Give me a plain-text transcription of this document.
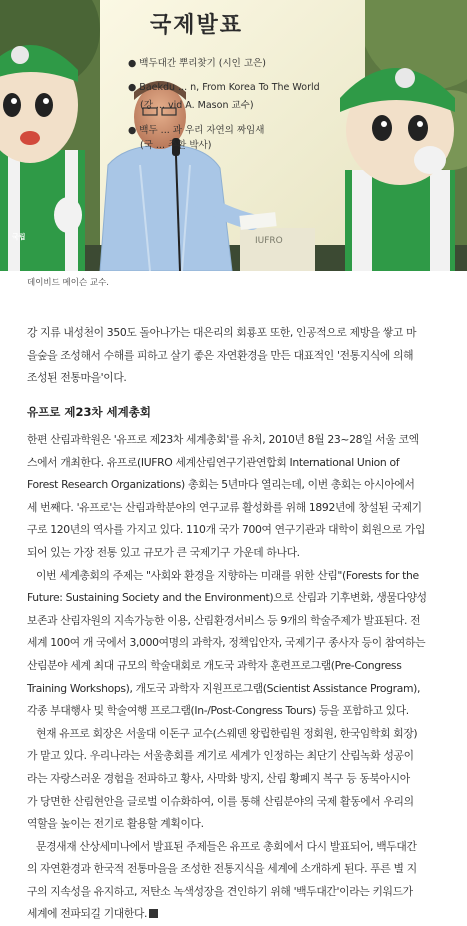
국제발표
● 백두대간 뿌리찾기 (시인 고은)
● Baekdu ... n, From Korea To The World
(강 ... vid A. Mason 교수)
● 백두 ... 과 우리 자연의 짜임새
(국 ... 주환 박사)
IUFRO
국립
데이비드 메이슨 교수.
강 지류 내성천이 350도 돌아나가는 대은리의 회룡포 또한, 인공적으로 제방을 쌓고 마
을숲을 조성해서 수해를 피하고 살기 좋은 자연환경을 만든 대표적인 '전통지식에 의해
조성된 전통마을'이다.
유프로 제23차 세계총회
한편 산림과학원은 '유프로 제23차 세계총회'를 유치, 2010년 8월 23~28일 서울 코엑
스에서 개최한다. 유프로(IUFRO 세계산림연구기관연합회 International Union of
Forest Research Organizations) 총회는 5년마다 열리는데, 이번 총회는 아시아에서
세 번째다. '유프로'는 산림과학분야의 연구교류 활성화를 위해 1892년에 창설된 국제기
구로 120년의 역사를 가지고 있다. 110개 국가 700여 연구기관과 대학이 회원으로 가입
되어 있는 가장 전통 있고 규모가 큰 국제기구 가운데 하나다.
이번 세계총회의 주제는 "사회와 환경을 지향하는 미래를 위한 산림"(Forests for the
Future: Sustaining Society and the Environment)으로 산림과 기후변화, 생물다양성
보존과 산림자원의 지속가능한 이용, 산림환경서비스 등 9개의 학술주제가 발표된다. 전
세계 100여 개 국에서 3,000여명의 과학자, 정책입안자, 국제기구 종사자 등이 참여하는
산림분야 세계 최대 규모의 학술대회로 개도국 과학자 훈련프로그램(Pre-Congress
Training Workshops), 개도국 과학자 지원프로그램(Scientist Assistance Program),
각종 부대행사 및 학술여행 프로그램(In-/Post-Congress Tours) 등을 포함하고 있다.
현재 유프로 회장은 서울대 이돈구 교수(스웨덴 왕립한림원 정회원, 한국임학회 회장)
가 맡고 있다. 우리나라는 서울총회를 계기로 세계가 인정하는 최단기 산림녹화 성공이
라는 자랑스러운 경험을 전파하고 황사, 사막화 방지, 산림 황폐지 복구 등 동북아시아
가 당면한 산림현안을 글로벌 이슈화하여, 이를 통해 산림분야의 국제 활동에서 우리의
역할을 높이는 전기로 활용할 계획이다.
문경새재 산상세미나에서 발표된 주제들은 유프로 총회에서 다시 발표되어, 백두대간
의 자연환경과 한국적 전통마을을 조성한 전통지식을 세계에 소개하게 된다. 푸른 별 지
구의 지속성을 유지하고, 저탄소 녹색성장을 견인하기 위해 '백두대간'이라는 키워드가
세계에 전파되길 기대한다.
